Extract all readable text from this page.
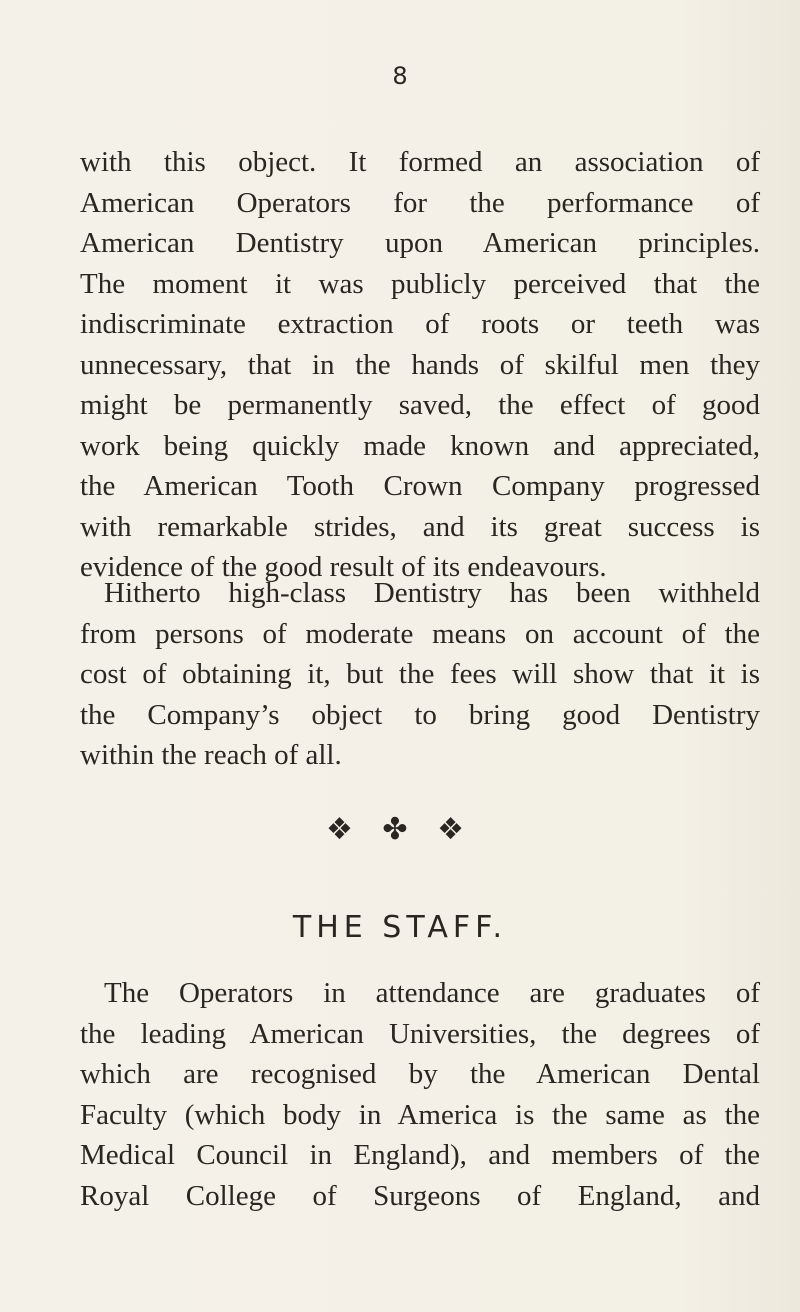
8
with this object. It formed an association of
American Operators for the performance of
American Dentistry upon American principles.
The moment it was publicly perceived that the
indiscriminate extraction of roots or teeth was
unnecessary, that in the hands of skilful men they
might be permanently saved, the effect of good
work being quickly made known and appreciated,
the American Tooth Crown Company progressed
with remarkable strides, and its great success is
evidence of the good result of its endeavours.
Hitherto high-class Dentistry has been withheld
from persons of moderate means on account of the
cost of obtaining it, but the fees will show that it is
the Company’s object to bring good Dentistry
within the reach of all.
❖ ✤ ❖
THE STAFF.
The Operators in attendance are graduates of
the leading American Universities, the degrees of
which are recognised by the American Dental
Faculty (which body in America is the same as the
Medical Council in England), and members of the
Royal College of Surgeons of England, and
